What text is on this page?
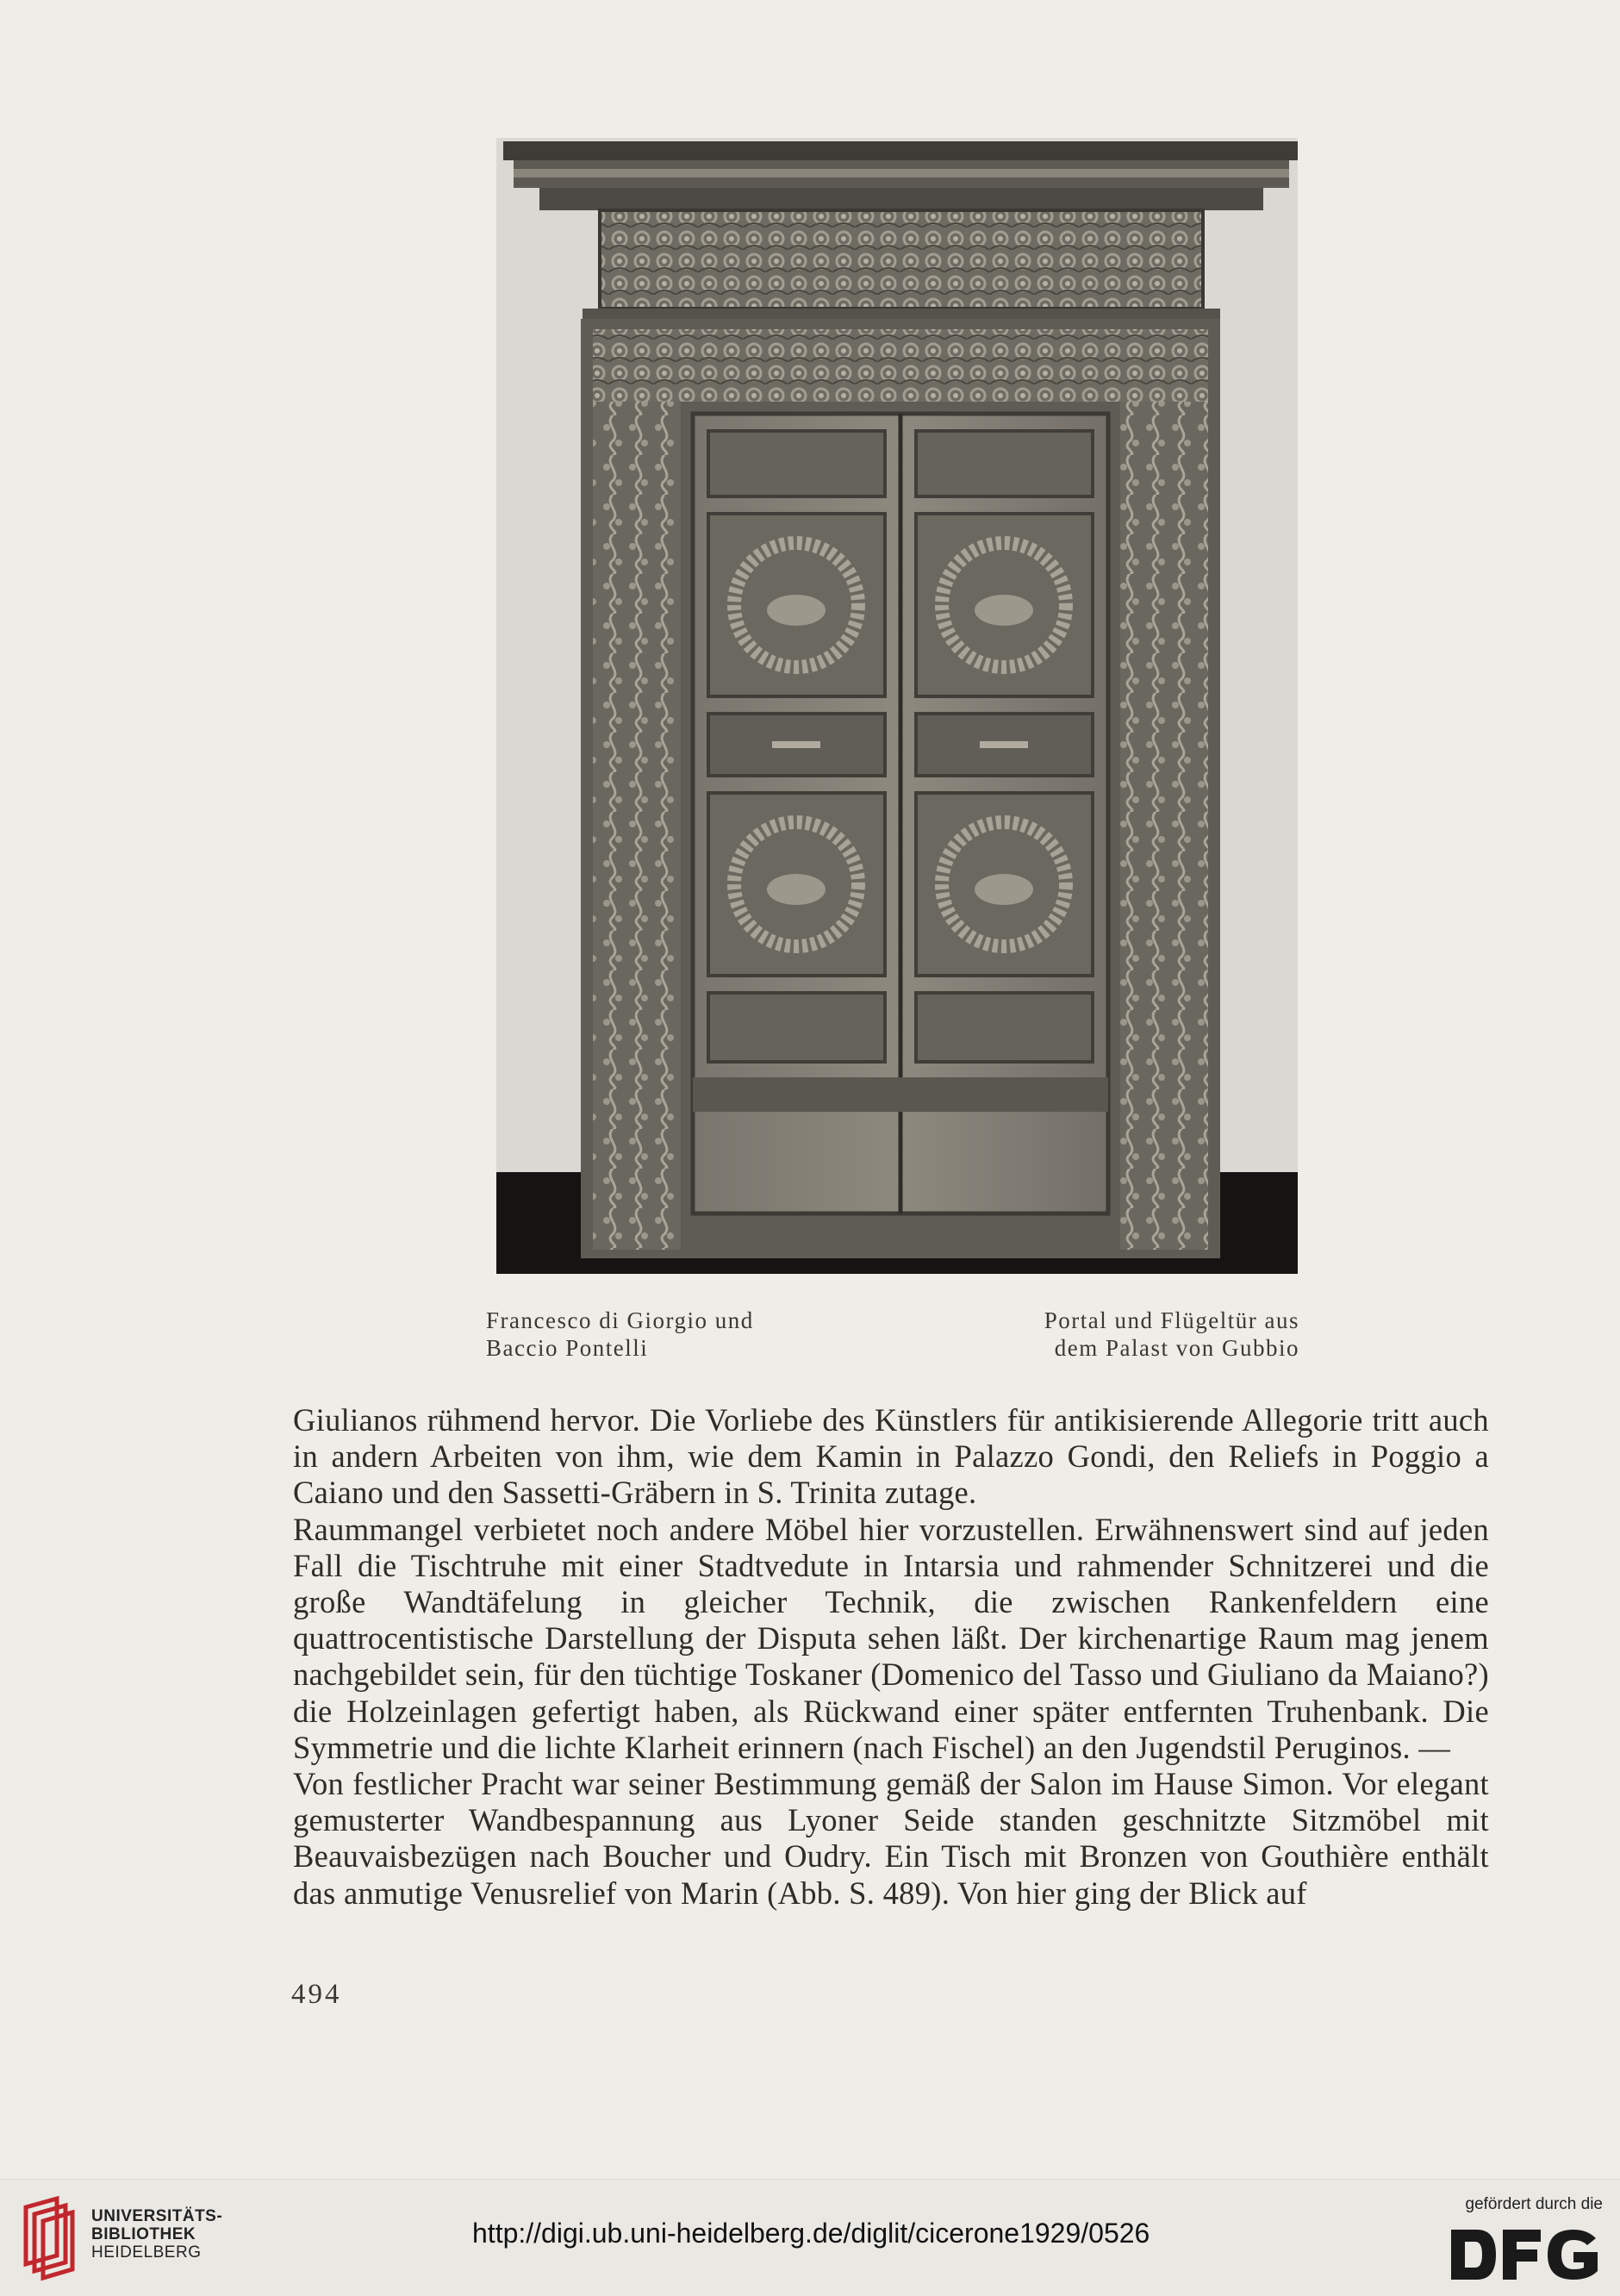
Francesco di Giorgio und
Baccio Pontelli
Portal und Flügeltür aus
dem Palast von Gubbio

Giulianos rühmend hervor. Die Vorliebe des Künstlers für antikisierende Allegorie tritt auch in andern Arbeiten von ihm, wie dem Kamin in Palazzo Gondi, den Reliefs in Poggio a Caiano und den Sassetti-Gräbern in S. Trinita zutage.

Raummangel verbietet noch andere Möbel hier vorzustellen. Erwähnenswert sind auf jeden Fall die Tischtruhe mit einer Stadtvedute in Intarsia und rahmender Schnitzerei und die große Wandtäfelung in gleicher Technik, die zwischen Rankenfeldern eine quattrocentistische Darstellung der Disputa sehen läßt. Der kirchenartige Raum mag jenem nachgebildet sein, für den tüchtige Toskaner (Domenico del Tasso und Giuliano da Maiano?) die Holzeinlagen gefertigt haben, als Rückwand einer später entfernten Truhenbank. Die Symmetrie und die lichte Klarheit erinnern (nach Fischel) an den Jugendstil Peruginos. —

Von festlicher Pracht war seiner Bestimmung gemäß der Salon im Hause Simon. Vor elegant gemusterter Wandbespannung aus Lyoner Seide standen geschnitzte Sitzmöbel mit Beauvaisbezügen nach Boucher und Oudry. Ein Tisch mit Bronzen von Gouthière enthält das anmutige Venusrelief von Marin (Abb. S. 489). Von hier ging der Blick auf

494
UNIVERSITÄTS-
BIBLIOTHEK
HEIDELBERG
http://digi.ub.uni-heidelberg.de/diglit/cicerone1929/0526
gefördert durch die
